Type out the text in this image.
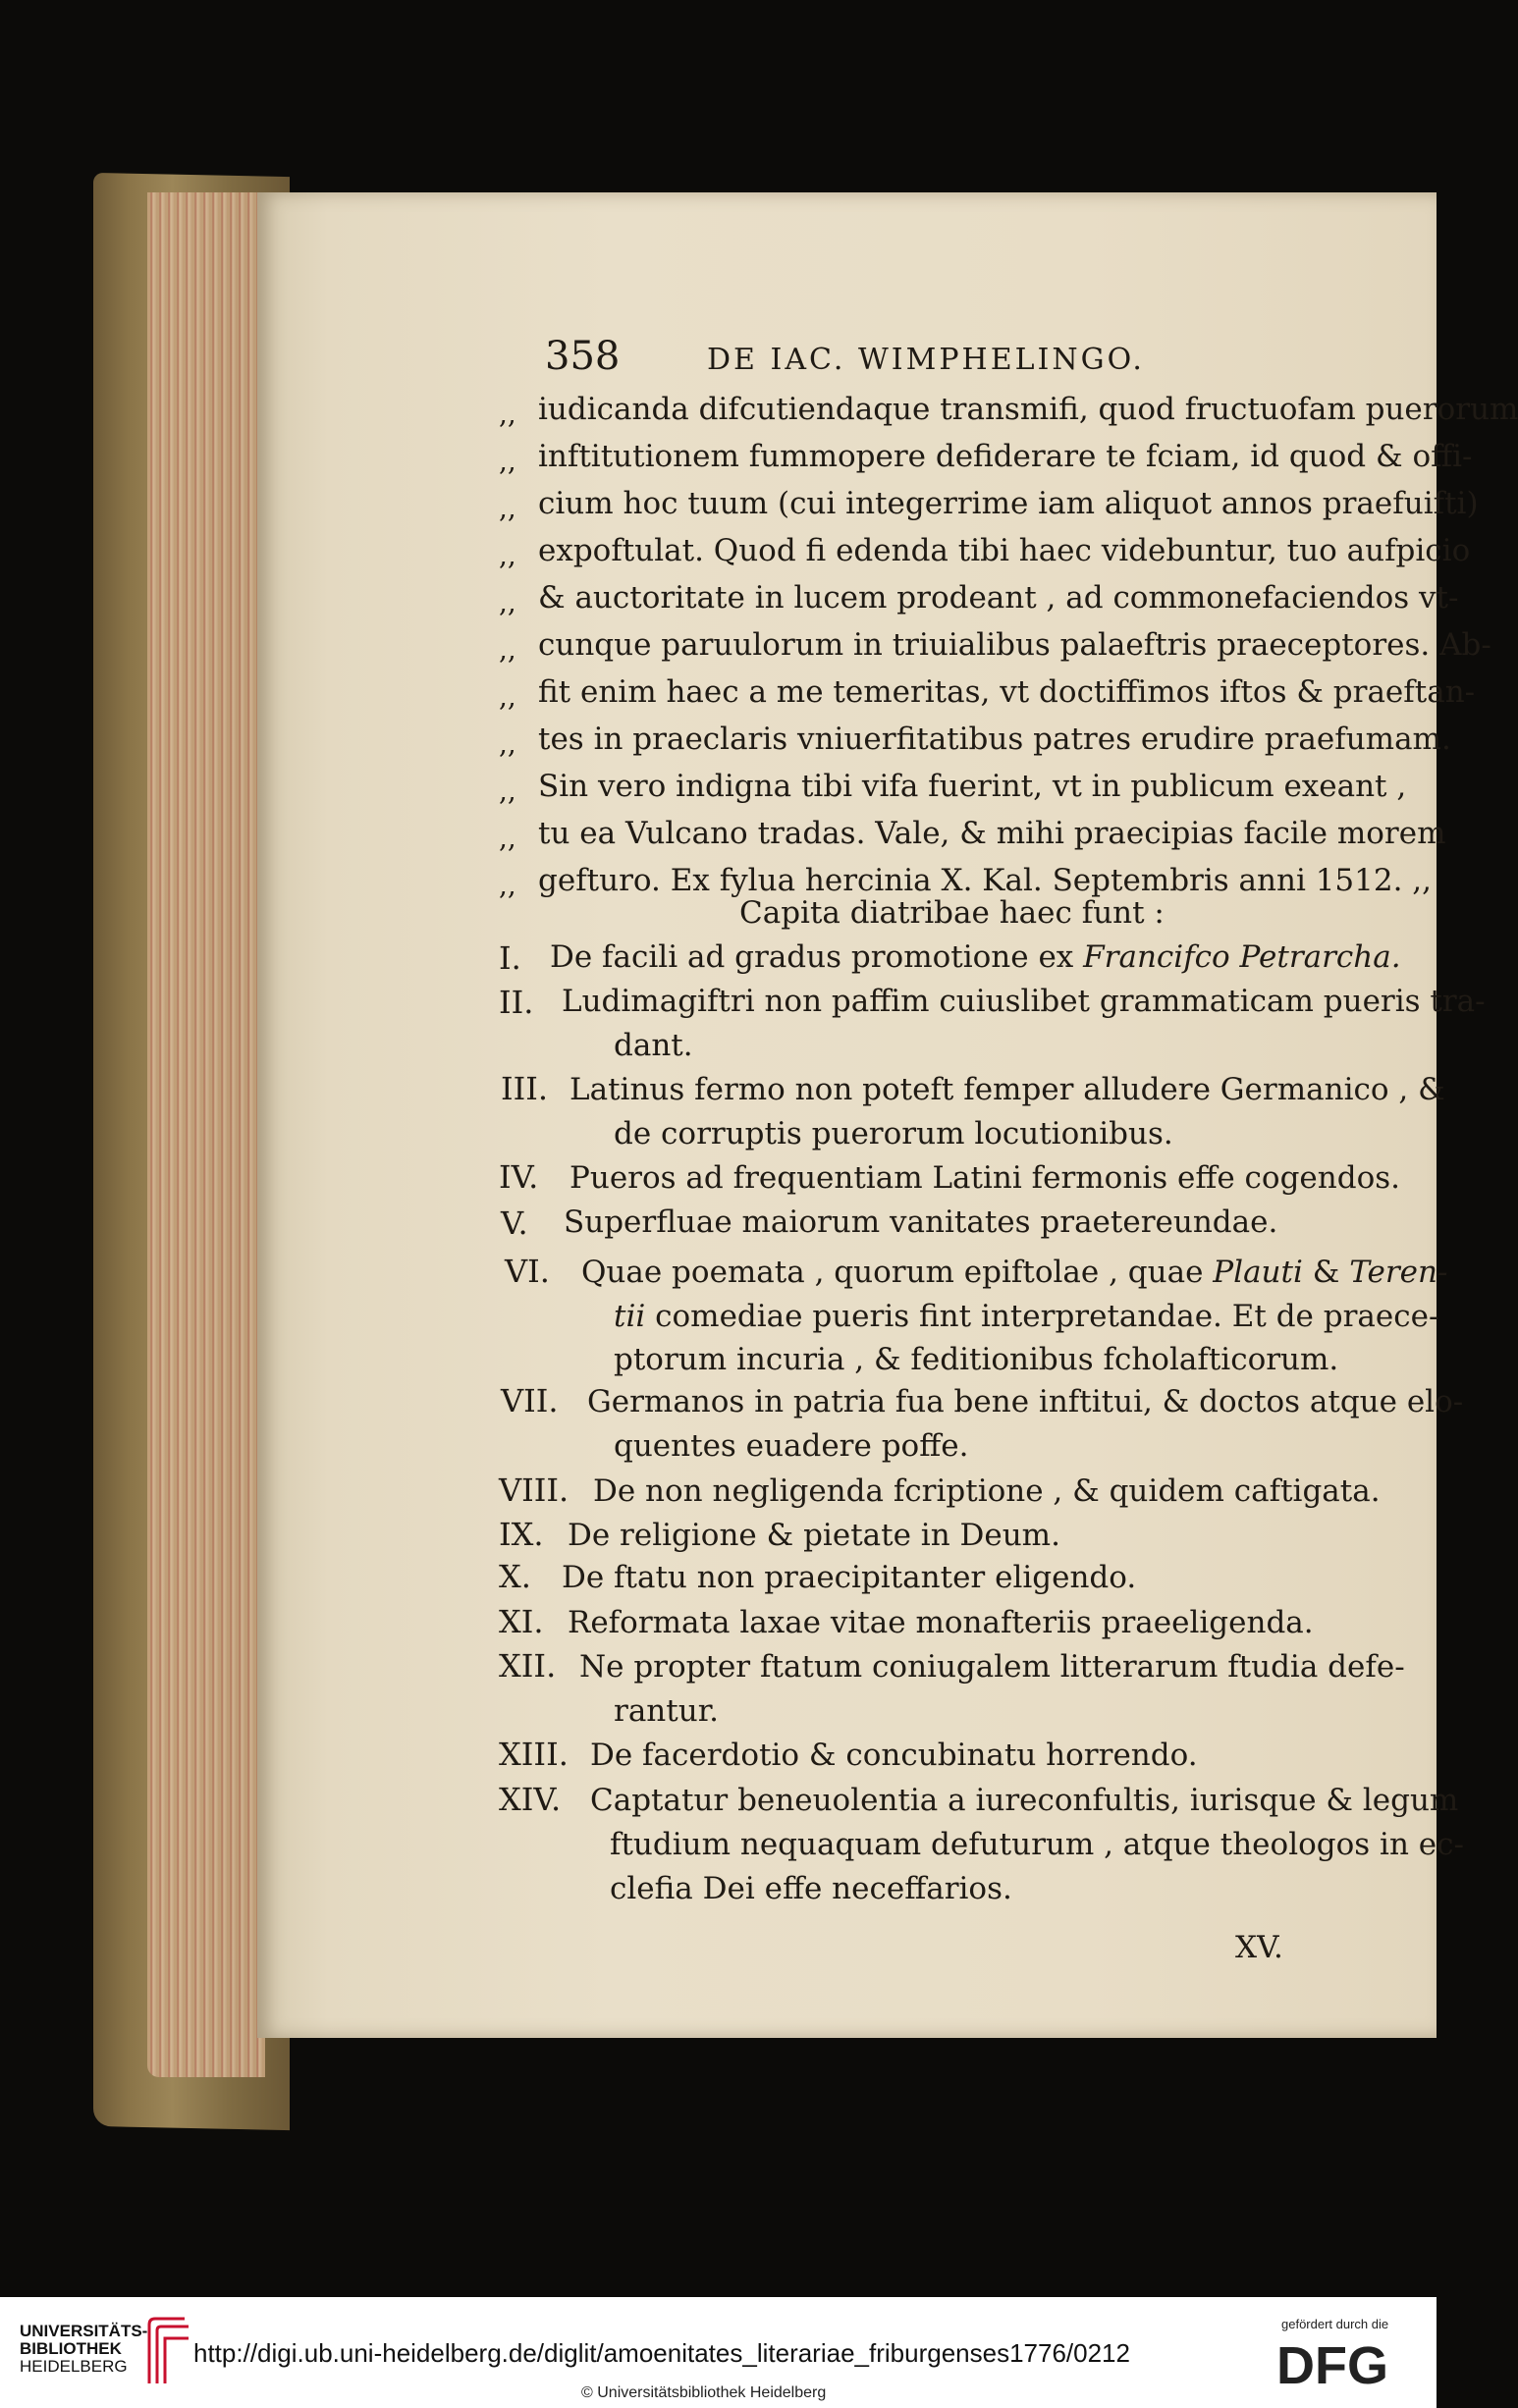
358	DE IAC. WIMPHELINGO.
,, iudicanda difcutiendaque transmifi, quod fructuofam puerorum
,, inftitutionem fummopere defiderare te fciam, id quod & offi-
,, cium hoc tuum (cui integerrime iam aliquot annos praefuifti)
,, expoftulat. Quod fi edenda tibi haec videbuntur, tuo aufpicio
,, & auctoritate in lucem prodeant , ad commonefaciendos vt-
,, cunque paruulorum in triuialibus palaeftris praeceptores. Ab-
,, fit enim haec a me temeritas, vt doctiffimos iftos & praeftan-
,, tes in praeclaris vniuerfitatibus patres erudire praefumam.
,, Sin vero indigna tibi vifa fuerint, vt in publicum exeant ,
,, tu ea Vulcano tradas. Vale, & mihi praecipias facile morem
,, gefturo. Ex fylua hercinia X. Kal. Septembris anni 1512. ,,
Capita diatribae haec funt :
I. De facili ad gradus promotione ex Francifco Petrarcha.
II. Ludimagiftri non paffim cuiuslibet grammaticam pueris tra-
dant.
III. Latinus fermo non poteft femper alludere Germanico , &
de corruptis puerorum locutionibus.
IV. Pueros ad frequentiam Latini fermonis effe cogendos.
V. Superfluae maiorum vanitates praetereundae.
VI. Quae poemata , quorum epiftolae , quae Plauti & Teren-
tii comediae pueris fint interpretandae. Et de praece-
ptorum incuria , & feditionibus fcholafticorum.
VII. Germanos in patria fua bene inftitui, & doctos atque elo-
quentes euadere poffe.
VIII. De non negligenda fcriptione , & quidem caftigata.
IX. De religione & pietate in Deum.
X. De ftatu non praecipitanter eligendo.
XI. Reformata laxae vitae monafteriis praeeligenda.
XII. Ne propter ftatum coniugalem litterarum ftudia defe-
rantur.
XIII. De facerdotio & concubinatu horrendo.
XIV. Captatur beneuolentia a iureconfultis, iurisque & legum
ftudium nequaquam defuturum , atque theologos in ec-
clefia Dei effe neceffarios.
XV.
UNIVERSITÄTS-
BIBLIOTHEK
HEIDELBERG	http://digi.ub.uni-heidelberg.de/diglit/amoenitates_literariae_friburgenses1776/0212
© Universitätsbibliothek Heidelberg
gefördert durch die
DFG
